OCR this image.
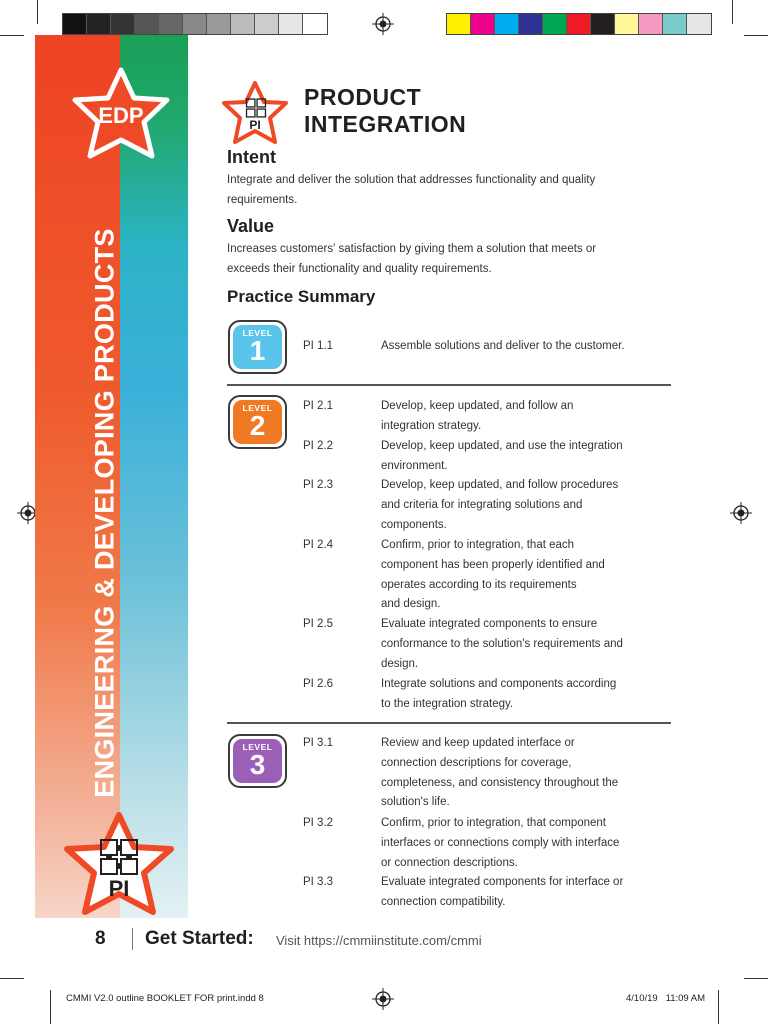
ENGINEERING & DEVELOPING PRODUCTS
EDP
PI
PI
PRODUCT
INTEGRATION
Intent
Integrate and deliver the solution that addresses functionality and quality
requirements.
Value
Increases customers' satisfaction by giving them a solution that meets or
exceeds their functionality and quality requirements.
Practice Summary
LEVEL
1
LEVEL
2
LEVEL
3
PI 1.1	Assemble solutions and deliver to the customer.
PI 2.1	Develop, keep updated, and follow an
integration strategy.
PI 2.2	Develop, keep updated, and use the integration
environment.
PI 2.3	Develop, keep updated, and follow procedures
and criteria for integrating solutions and
components.
PI 2.4	Confirm, prior to integration, that each
component has been properly identified and
operates according to its requirements
and design.
PI 2.5	Evaluate integrated components to ensure
conformance to the solution's requirements and
design.
PI 2.6	Integrate solutions and components according
to the integration strategy.
PI 3.1	Review and keep updated interface or
connection descriptions for coverage,
completeness, and consistency throughout the
solution's life.
PI 3.2	Confirm, prior to integration, that component
interfaces or connections comply with interface
or connection descriptions.
PI 3.3	Evaluate integrated components for interface or
connection compatibility.
8 Get Started: Visit https://cmmiinstitute.com/cmmi
CMMI V2.0 outline BOOKLET FOR print.indd 8	4/10/19   11:09 AM
